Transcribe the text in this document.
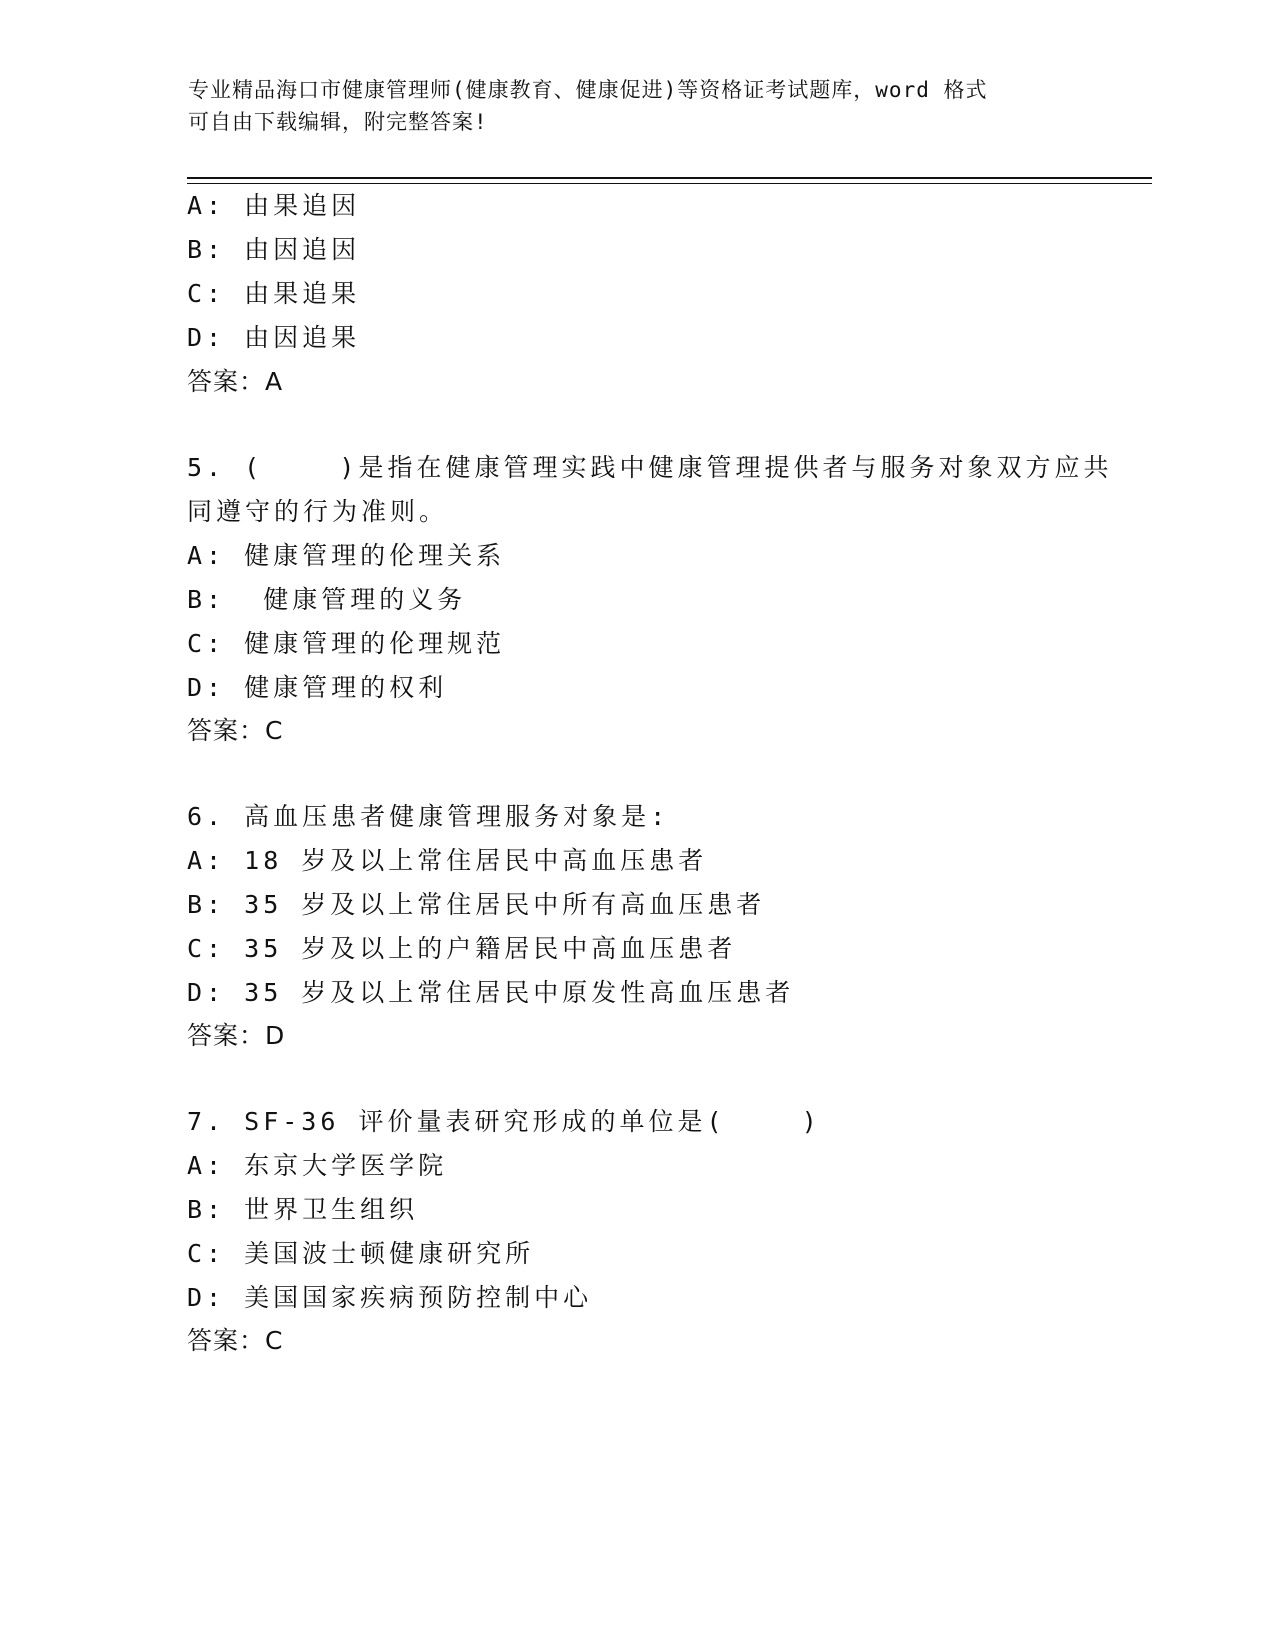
专业精品海口市健康管理师(健康教育、健康促进)等资格证考试题库，word 格式
可自由下载编辑，附完整答案!
A: 由果追因
B: 由因追因
C: 由果追果
D: 由因追果
答案：A
5. (    )是指在健康管理实践中健康管理提供者与服务对象双方应共
同遵守的行为准则。
A: 健康管理的伦理关系
B:  健康管理的义务
C: 健康管理的伦理规范
D: 健康管理的权利
答案：C
6. 高血压患者健康管理服务对象是:
A: 18 岁及以上常住居民中高血压患者
B: 35 岁及以上常住居民中所有高血压患者
C: 35 岁及以上的户籍居民中高血压患者
D: 35 岁及以上常住居民中原发性高血压患者
答案：D
7. SF-36 评价量表研究形成的单位是(    )
A: 东京大学医学院
B: 世界卫生组织
C: 美国波士顿健康研究所
D: 美国国家疾病预防控制中心
答案：C
